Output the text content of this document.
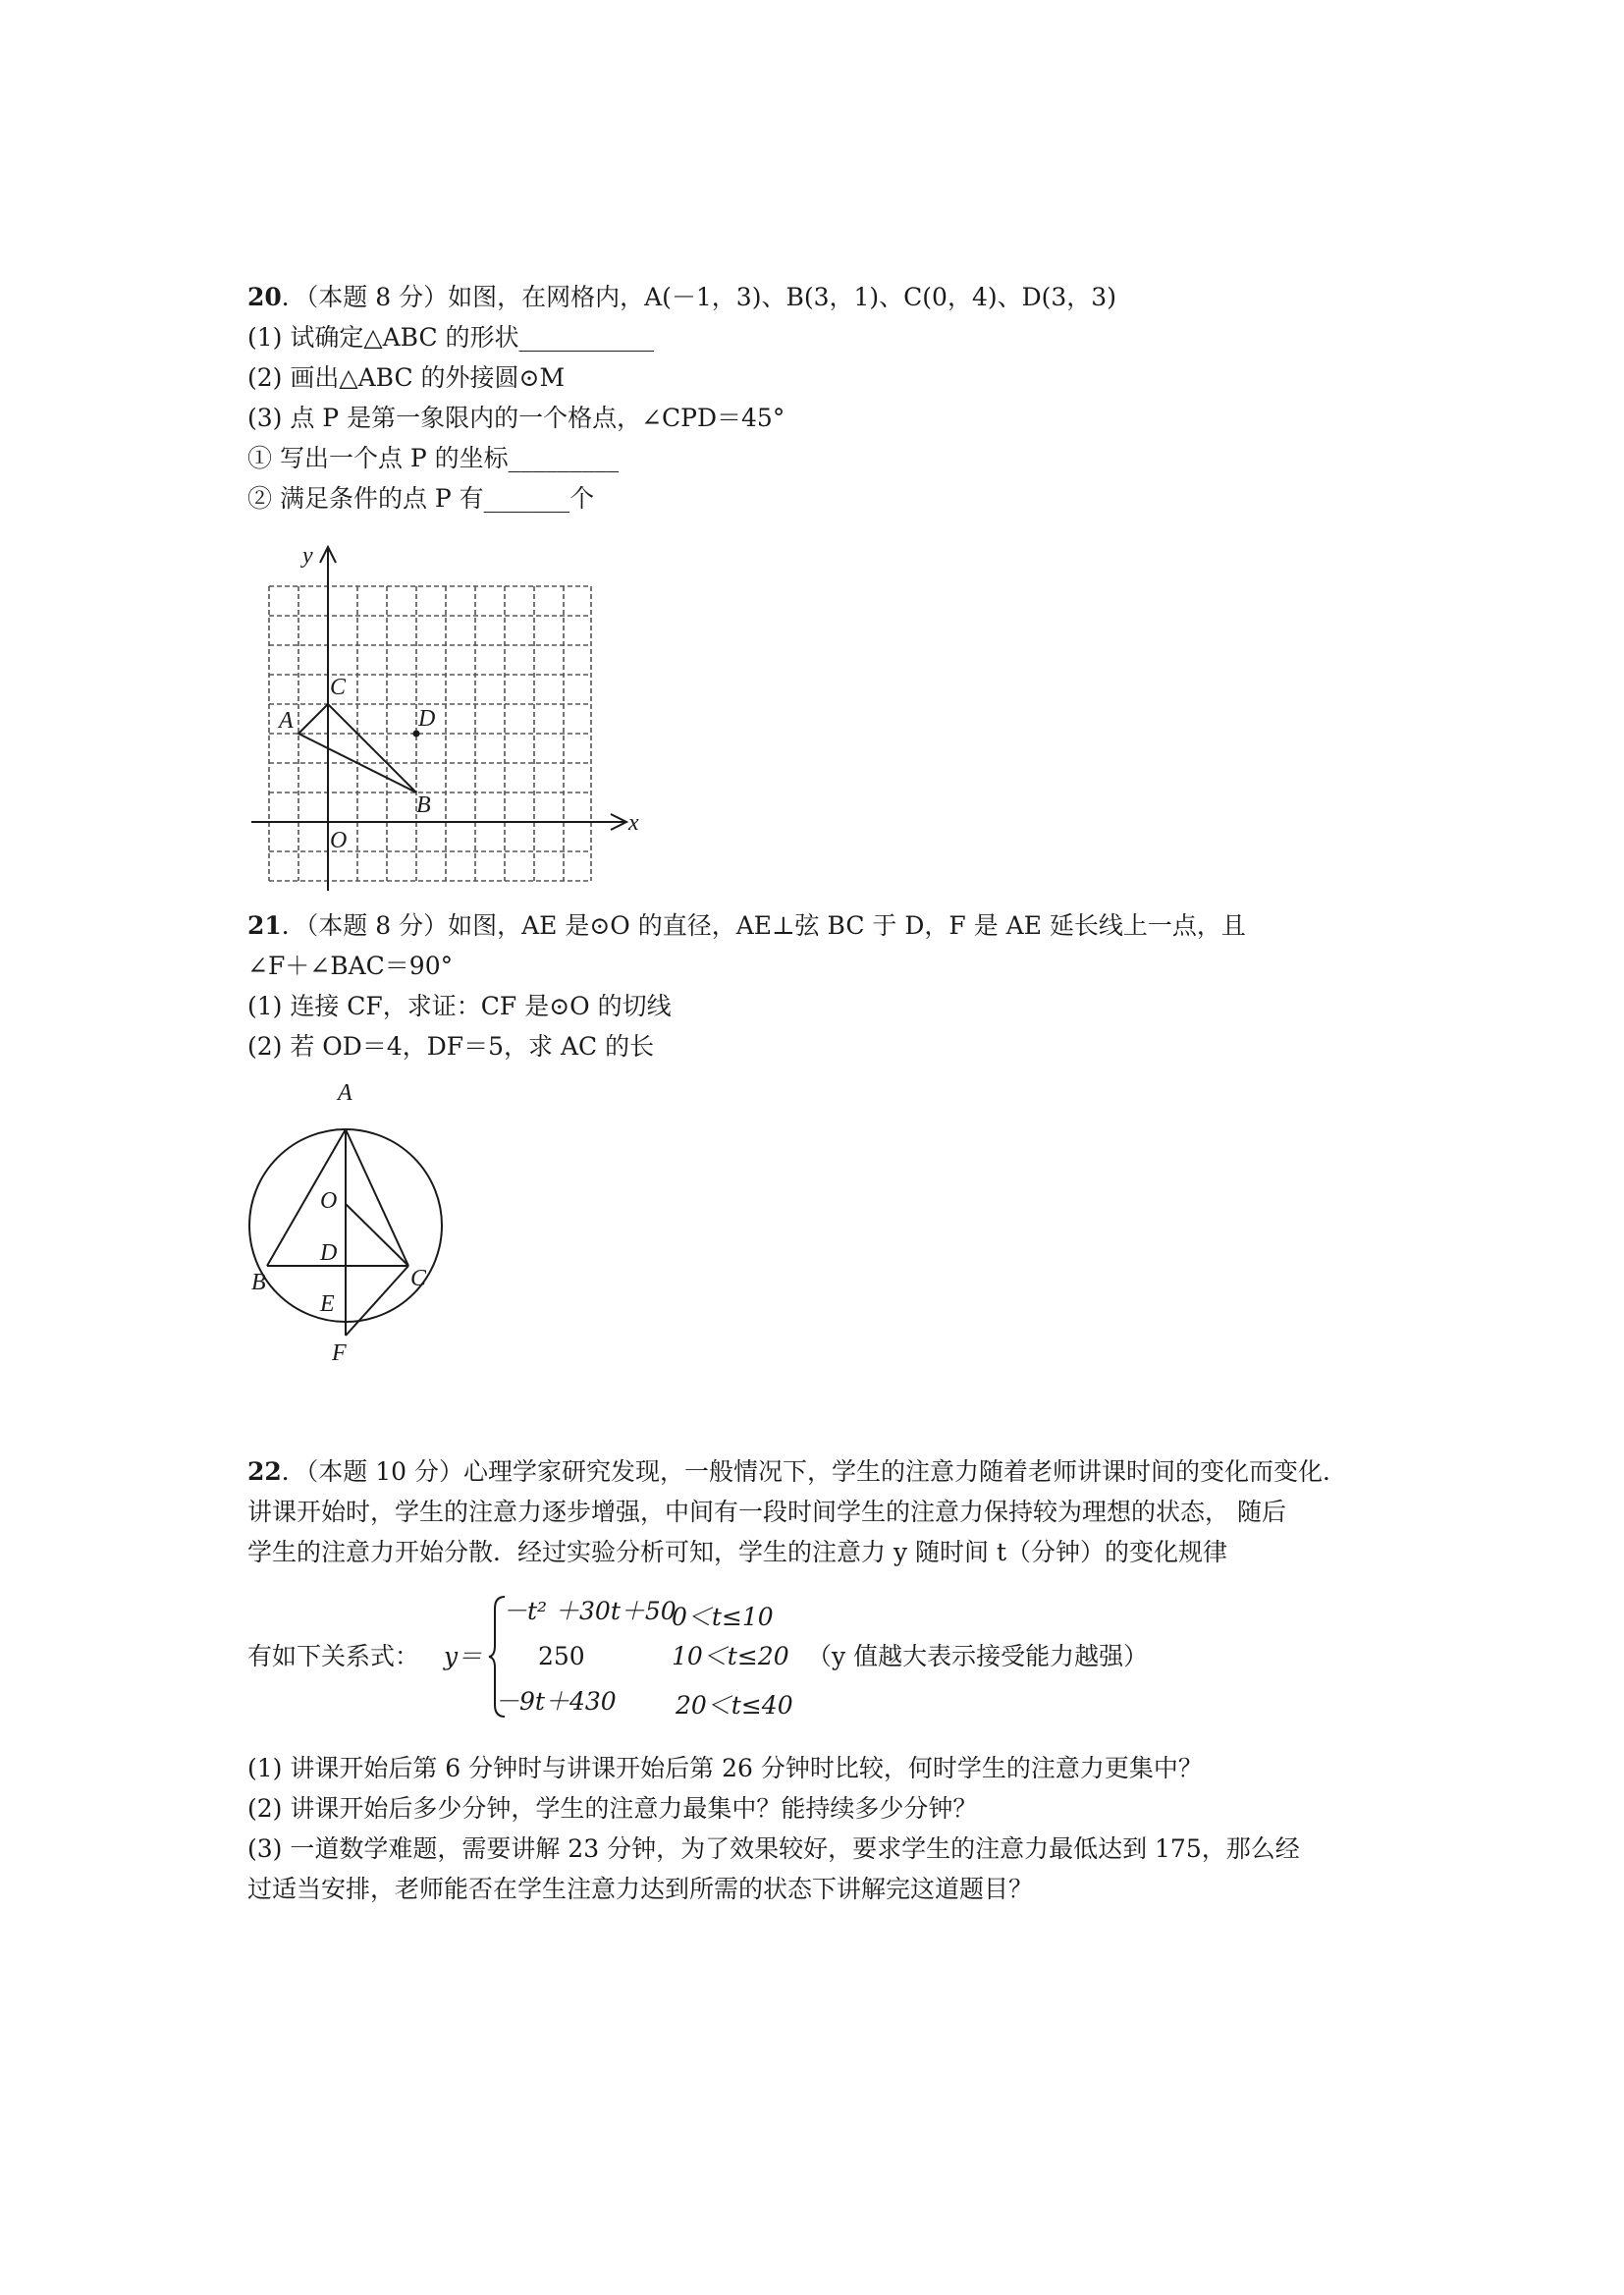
20．（本题 8 分）如图，在网格内，A(－1，3)、B(3，1)、C(0，4)、D(3，3)
(1) 试确定△ABC 的形状___________
(2) 画出△ABC 的外接圆⊙M
(3) 点 P 是第一象限内的一个格点，∠CPD＝45°
① 写出一个点 P 的坐标_________
② 满足条件的点 P 有_______个
y
x
O
A
B
C
D
21．（本题 8 分）如图，AE 是⊙O 的直径，AE⊥弦 BC 于 D，F 是 AE 延长线上一点，且
∠F＋∠BAC＝90°
(1) 连接 CF，求证：CF 是⊙O 的切线
(2) 若 OD＝4，DF＝5，求 AC 的长
A
O
D
B	C
E
F
22．（本题 10 分）心理学家研究发现，一般情况下，学生的注意力随着老师讲课时间的变化而变化．
讲课开始时，学生的注意力逐步增强，中间有一段时间学生的注意力保持较为理想的状态， 随后
学生的注意力开始分散．经过实验分析可知，学生的注意力 y 随时间 t（分钟）的变化规律
有如下关系式： y＝
－t² ＋30t＋50
0＜t≤10
250	10＜t≤20 （y 值越大表示接受能力越强）
－9t＋430 20＜t≤40
(1) 讲课开始后第 6 分钟时与讲课开始后第 26 分钟时比较，何时学生的注意力更集中？
(2) 讲课开始后多少分钟，学生的注意力最集中？能持续多少分钟？
(3) 一道数学难题，需要讲解 23 分钟，为了效果较好，要求学生的注意力最低达到 175，那么经
过适当安排，老师能否在学生注意力达到所需的状态下讲解完这道题目？
